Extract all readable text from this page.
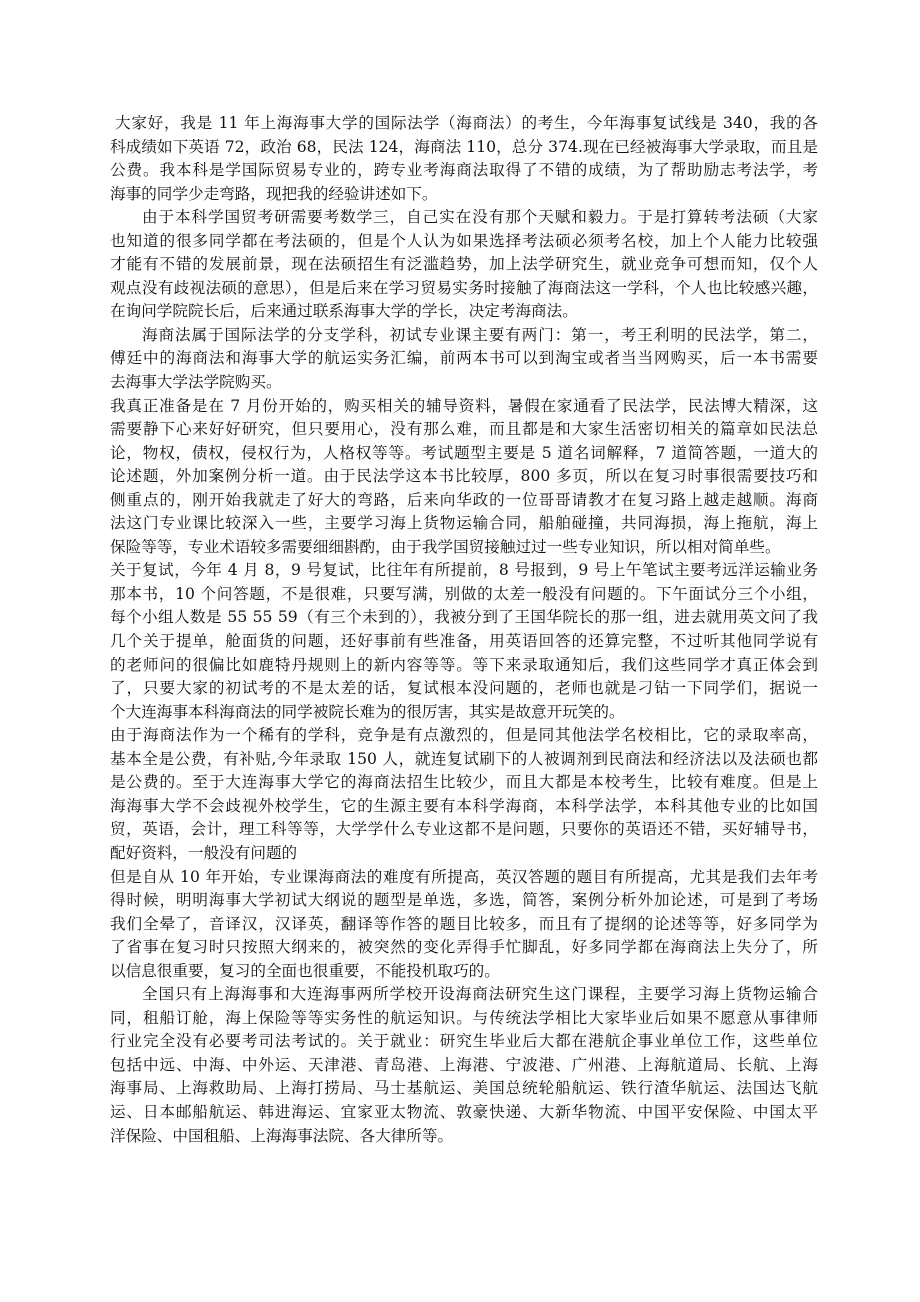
大家好，我是 11 年上海海事大学的国际法学（海商法）的考生，今年海事复试线是 340，我的各
科成绩如下英语 72，政治 68，民法 124，海商法 110，总分 374.现在已经被海事大学录取，而且是
公费。我本科是学国际贸易专业的，跨专业考海商法取得了不错的成绩，为了帮助励志考法学，考
海事的同学少走弯路，现把我的经验讲述如下。
由于本科学国贸考研需要考数学三，自己实在没有那个天赋和毅力。于是打算转考法硕（大家
也知道的很多同学都在考法硕的，但是个人认为如果选择考法硕必须考名校，加上个人能力比较强
才能有不错的发展前景，现在法硕招生有泛滥趋势，加上法学研究生，就业竞争可想而知，仅个人
观点没有歧视法硕的意思），但是后来在学习贸易实务时接触了海商法这一学科，个人也比较感兴趣，
在询问学院院长后，后来通过联系海事大学的学长，决定考海商法。
海商法属于国际法学的分支学科，初试专业课主要有两门：第一，考王利明的民法学，第二，
傅廷中的海商法和海事大学的航运实务汇编，前两本书可以到淘宝或者当当网购买，后一本书需要
去海事大学法学院购买。
我真正准备是在 7 月份开始的，购买相关的辅导资料，暑假在家通看了民法学，民法博大精深，这
需要静下心来好好研究，但只要用心，没有那么难，而且都是和大家生活密切相关的篇章如民法总
论，物权，债权，侵权行为，人格权等等。考试题型主要是 5 道名词解释，7 道简答题，一道大的
论述题，外加案例分析一道。由于民法学这本书比较厚，800 多页，所以在复习时事很需要技巧和
侧重点的，刚开始我就走了好大的弯路，后来向华政的一位哥哥请教才在复习路上越走越顺。海商
法这门专业课比较深入一些，主要学习海上货物运输合同，船舶碰撞，共同海损，海上拖航，海上
保险等等，专业术语较多需要细细斟酌，由于我学国贸接触过过一些专业知识，所以相对简单些。
关于复试，今年 4 月 8，9 号复试，比往年有所提前，8 号报到，9 号上午笔试主要考远洋运输业务
那本书，10 个问答题，不是很难，只要写满，别做的太差一般没有问题的。下午面试分三个小组，
每个小组人数是 55 55 59（有三个未到的），我被分到了王国华院长的那一组，进去就用英文问了我
几个关于提单，舱面货的问题，还好事前有些准备，用英语回答的还算完整，不过听其他同学说有
的老师问的很偏比如鹿特丹规则上的新内容等等。等下来录取通知后，我们这些同学才真正体会到
了，只要大家的初试考的不是太差的话，复试根本没问题的，老师也就是刁钻一下同学们，据说一
个大连海事本科海商法的同学被院长难为的很厉害，其实是故意开玩笑的。
由于海商法作为一个稀有的学科，竞争是有点激烈的，但是同其他法学名校相比，它的录取率高，
基本全是公费，有补贴,今年录取 150 人，就连复试刷下的人被调剂到民商法和经济法以及法硕也都
是公费的。至于大连海事大学它的海商法招生比较少，而且大都是本校考生，比较有难度。但是上
海海事大学不会歧视外校学生，它的生源主要有本科学海商，本科学法学，本科其他专业的比如国
贸，英语，会计，理工科等等，大学学什么专业这都不是问题，只要你的英语还不错，买好辅导书，
配好资料，一般没有问题的
但是自从 10 年开始，专业课海商法的难度有所提高，英汉答题的题目有所提高，尤其是我们去年考
得时候，明明海事大学初试大纲说的题型是单选，多选，简答，案例分析外加论述，可是到了考场
我们全晕了，音译汉，汉译英，翻译等作答的题目比较多，而且有了提纲的论述等等，好多同学为
了省事在复习时只按照大纲来的，被突然的变化弄得手忙脚乱，好多同学都在海商法上失分了，所
以信息很重要，复习的全面也很重要，不能投机取巧的。
全国只有上海海事和大连海事两所学校开设海商法研究生这门课程，主要学习海上货物运输合
同，租船订舱，海上保险等等实务性的航运知识。与传统法学相比大家毕业后如果不愿意从事律师
行业完全没有必要考司法考试的。关于就业：研究生毕业后大都在港航企事业单位工作，这些单位
包括中远、中海、中外运、天津港、青岛港、上海港、宁波港、广州港、上海航道局、长航、上海
海事局、上海救助局、上海打捞局、马士基航运、美国总统轮船航运、铁行渣华航运、法国达飞航
运、日本邮船航运、韩进海运、宜家亚太物流、敦豪快递、大新华物流、中国平安保险、中国太平
洋保险、中国租船、上海海事法院、各大律所等。
